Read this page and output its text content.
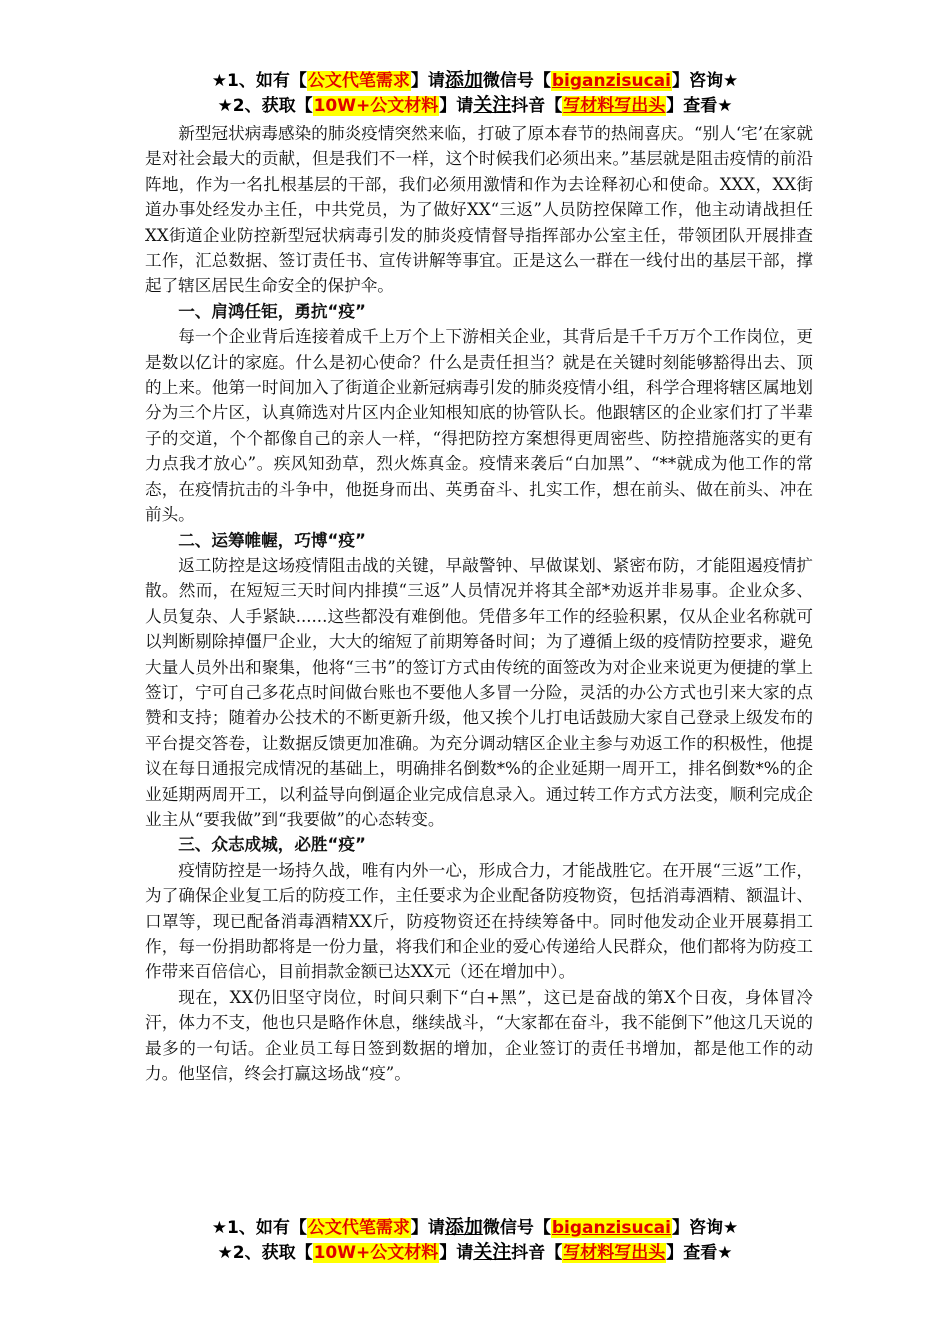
★1、如有【公文代笔需求】请添加微信号【biganzisucai】咨询★
★2、获取【10W+公文材料】请关注抖音【写材料写出头】查看★

新型冠状病毒感染的肺炎疫情突然来临，打破了原本春节的热闹喜庆。“别人‘宅’在家就是对社会最大的贡献，但是我们不一样，这个时候我们必须出来。”基层就是阻击疫情的前沿阵地，作为一名扎根基层的干部，我们必须用激情和作为去诠释初心和使命。XXX，XX街道办事处经发办主任，中共党员，为了做好XX“三返”人员防控保障工作，他主动请战担任XX街道企业防控新型冠状病毒引发的肺炎疫情督导指挥部办公室主任，带领团队开展排查工作，汇总数据、签订责任书、宣传讲解等事宜。正是这么一群在一线付出的基层干部，撑起了辖区居民生命安全的保护伞。

一、肩鸿任钜，勇抗“疫”

每一个企业背后连接着成千上万个上下游相关企业，其背后是千千万万个工作岗位，更是数以亿计的家庭。什么是初心使命？什么是责任担当？就是在关键时刻能够豁得出去、顶的上来。他第一时间加入了街道企业新冠病毒引发的肺炎疫情小组，科学合理将辖区属地划分为三个片区，认真筛选对片区内企业知根知底的协管队长。他跟辖区的企业家们打了半辈子的交道，个个都像自己的亲人一样，“得把防控方案想得更周密些、防控措施落实的更有力点我才放心”。疾风知劲草，烈火炼真金。疫情来袭后“白加黑”、“**就成为他工作的常态，在疫情抗击的斗争中，他挺身而出、英勇奋斗、扎实工作，想在前头、做在前头、冲在前头。

二、运筹帷幄，巧博“疫”

返工防控是这场疫情阻击战的关键，早敲警钟、早做谋划、紧密布防，才能阻遏疫情扩散。然而，在短短三天时间内排摸“三返”人员情况并将其全部*劝返并非易事。企业众多、人员复杂、人手紧缺......这些都没有难倒他。凭借多年工作的经验积累，仅从企业名称就可以判断剔除掉僵尸企业，大大的缩短了前期筹备时间；为了遵循上级的疫情防控要求，避免大量人员外出和聚集，他将“三书”的签订方式由传统的面签改为对企业来说更为便捷的掌上签订，宁可自己多花点时间做台账也不要他人多冒一分险，灵活的办公方式也引来大家的点赞和支持；随着办公技术的不断更新升级，他又挨个儿打电话鼓励大家自己登录上级发布的平台提交答卷，让数据反馈更加准确。为充分调动辖区企业主参与劝返工作的积极性，他提议在每日通报完成情况的基础上，明确排名倒数*%的企业延期一周开工，排名倒数*%的企业延期两周开工，以利益导向倒逼企业完成信息录入。通过转工作方式方法变，顺利完成企业主从“要我做”到“我要做”的心态转变。

三、众志成城，必胜“疫”

疫情防控是一场持久战，唯有内外一心，形成合力，才能战胜它。在开展“三返”工作，为了确保企业复工后的防疫工作，主任要求为企业配备防疫物资，包括消毒酒精、额温计、口罩等，现已配备消毒酒精XX斤，防疫物资还在持续筹备中。同时他发动企业开展募捐工作，每一份捐助都将是一份力量，将我们和企业的爱心传递给人民群众，他们都将为防疫工作带来百倍信心，目前捐款金额已达XX元（还在增加中）。

现在，XX仍旧坚守岗位，时间只剩下“白+黑”，这已是奋战的第X个日夜，身体冒冷汗，体力不支，他也只是略作休息，继续战斗，“大家都在奋斗，我不能倒下”他这几天说的最多的一句话。企业员工每日签到数据的增加，企业签订的责任书增加，都是他工作的动力。他坚信，终会打赢这场战“疫”。

★1、如有【公文代笔需求】请添加微信号【biganzisucai】咨询★
★2、获取【10W+公文材料】请关注抖音【写材料写出头】查看★
